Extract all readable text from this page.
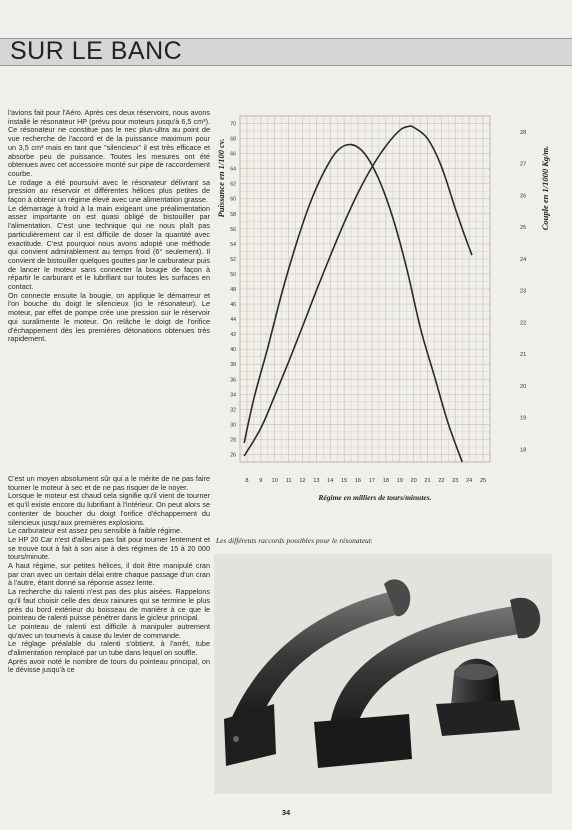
SUR LE BANC

l'avions fait pour l'Aéro. Après ces deux réservoirs, nous avons installé le résonateur HP (prévu pour moteurs jusqu'à 6,5 cm³). Ce résonateur ne constitue pas le nec plus-ultra au point de vue recherche de l'accord et de la puissance maximum pour un 3,5 cm³ mais en tant que "silencieux" il est très efficace et absorbe peu de puissance. Toutes les mesures ont été obtenues avec cet accessoire monté sur pipe de raccordement courbe.

Le rodage a été poursuivi avec le résonateur délivrant sa pression au réservoir et différentes hélices plus petites de façon à obtenir un régime élevé avec une alimentation grasse.

Le démarrage à froid à la main exigeant une préalimentation assez importante on est quasi obligé de bistouiller par l'alimentation. C'est une technique qui ne nous plaît pas particulièrement car il est difficile de doser la quantité avec exactitude. C'est pourquoi nous avons adopté une méthode qui convient admirablement au temps froid (6° seulement). Il convient de bistouiller quelques gouttes par le carburateur puis de lancer le moteur sans connecter la bougie de façon à répartir le carburant et le lubrifiant sur toutes les surfaces en contact.

On connecte ensuite la bougie, on applique le démarreur et l'on bouche du doigt le silencieux (ici le résonateur). Le moteur, par effet de pompe crée une pression sur le réservoir qui suralimente le moteur. On relâche le doigt de l'orifice d'échappement dès les premières détonations obtenues très rapidement.

C'est un moyen absolument sûr qui a le mérite de ne pas faire tourner le moteur à sec et de ne pas risquer de le noyer.

Lorsque le moteur est chaud cela signifie qu'il vient de tourner et qu'il existe encore du lubrifiant à l'intérieur. On peut alors se contenter de boucher du doigt l'orifice d'échappement du silencieux jusqu'aux premières explosions.

Le carburateur est assez peu sensible à faible régime.

Le HP 20 Car n'est d'ailleurs pas fait pour tourner lentement et se trouve tout à fait à son aise à des régimes de 15 à 20 000 tours/minute.

A haut régime, sur petites hélices, il doit être manipulé cran par cran avec un certain délai entre chaque passage d'un cran à l'autre, étant donné sa réponse assez lente.

La recherche du ralenti n'est pas des plus aisées. Rappelons qu'il faut choisir celle des deux rainures qui se termine le plus près du bord extérieur du boisseau de manière à ce que le pointeau de ralenti puisse pénétrer dans le gicleur principal.

Le pointeau de ralenti est difficile à manipuler autrement qu'avec un tournevis à cause du levier de commande.

Le réglage préalable du ralenti s'obtient, à l'arrêt, tube d'alimentation remplacé par un tube dans lequel on souffle.

Après avoir noté le nombre de tours du pointeau principal, on le dévisse jusqu'à ce

26
28
30
32
34
36
38
40
42
44
46
48
50
52
54
56
58
60
62
64
66
68
70
18
19
20
21
22
23
24
25
26
27
28
8 9 10 11 12 13 14 15 16 17 18 19 20 21 22 23 24 25
Régime en milliers de tours/minutes.
Puissance en 1/100 cv.	Couple en 1/1000 Kg/m.
Les différents raccords possibles pour le résonateur.
34
